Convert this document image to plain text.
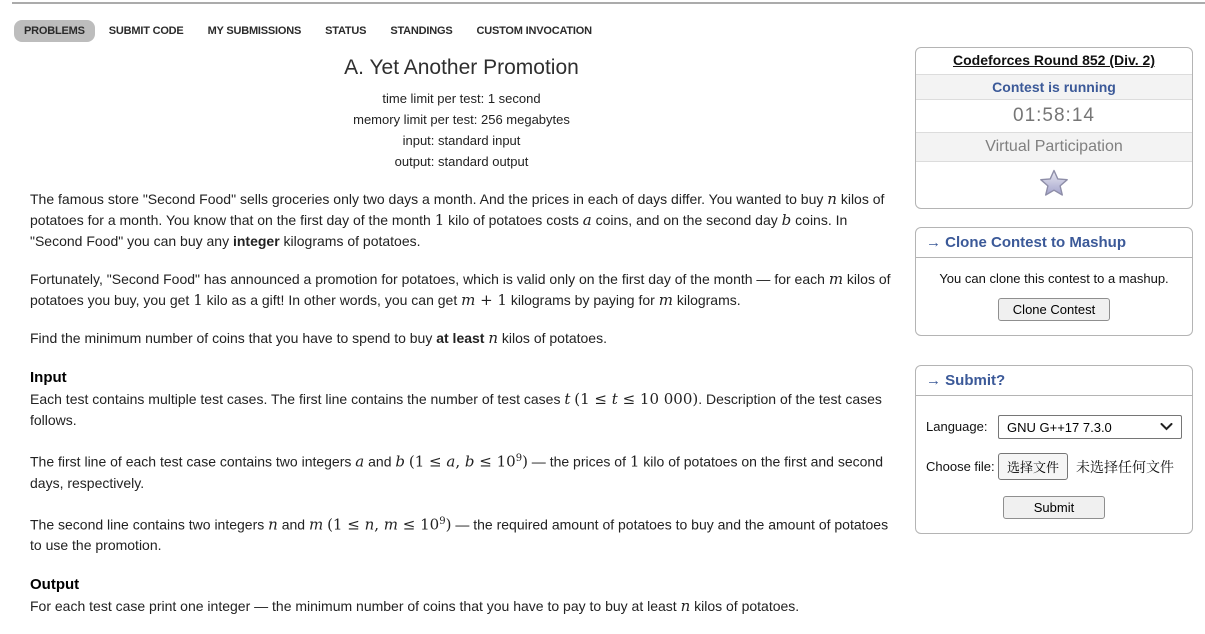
PROBLEMS	SUBMIT CODE	MY SUBMISSIONS	STATUS	STANDINGS	CUSTOM INVOCATION
A. Yet Another Promotion
time limit per test: 1 second
memory limit per test: 256 megabytes
input: standard input
output: standard output

The famous store "Second Food" sells groceries only two days a month. And the prices in each of days differ. You wanted to buy n kilos of potatoes for a month. You know that on the first day of the month 1 kilo of potatoes costs a coins, and on the second day b coins. In "Second Food" you can buy any integer kilograms of potatoes.

Fortunately, "Second Food" has announced a promotion for potatoes, which is valid only on the first day of the month — for each m kilos of potatoes you buy, you get 1 kilo as a gift! In other words, you can get m + 1 kilograms by paying for m kilograms.

Find the minimum number of coins that you have to spend to buy at least n kilos of potatoes.

Input

Each test contains multiple test cases. The first line contains the number of test cases t (1 ≤ t ≤ 10 000). Description of the test cases follows.

The first line of each test case contains two integers a and b (1 ≤ a, $b \le 10^9$) — the prices of 1 kilo of potatoes on the first and second days, respectively.

The second line contains two integers n and m (1 ≤ n, $m \le 10^9$) — the required amount of potatoes to buy and the amount of potatoes to use the promotion.

Output

For each test case print one integer — the minimum number of coins that you have to pay to buy at least n kilos of potatoes.

Codeforces Round 852 (Div. 2)
Contest is running
01:58:14
Virtual Participation
→ Clone Contest to Mashup
You can clone this contest to a mashup.
Clone Contest
→ Submit?
Language:	GNU G++17 7.3.0
Choose file: 选择文件	未选择任何文件
Submit
